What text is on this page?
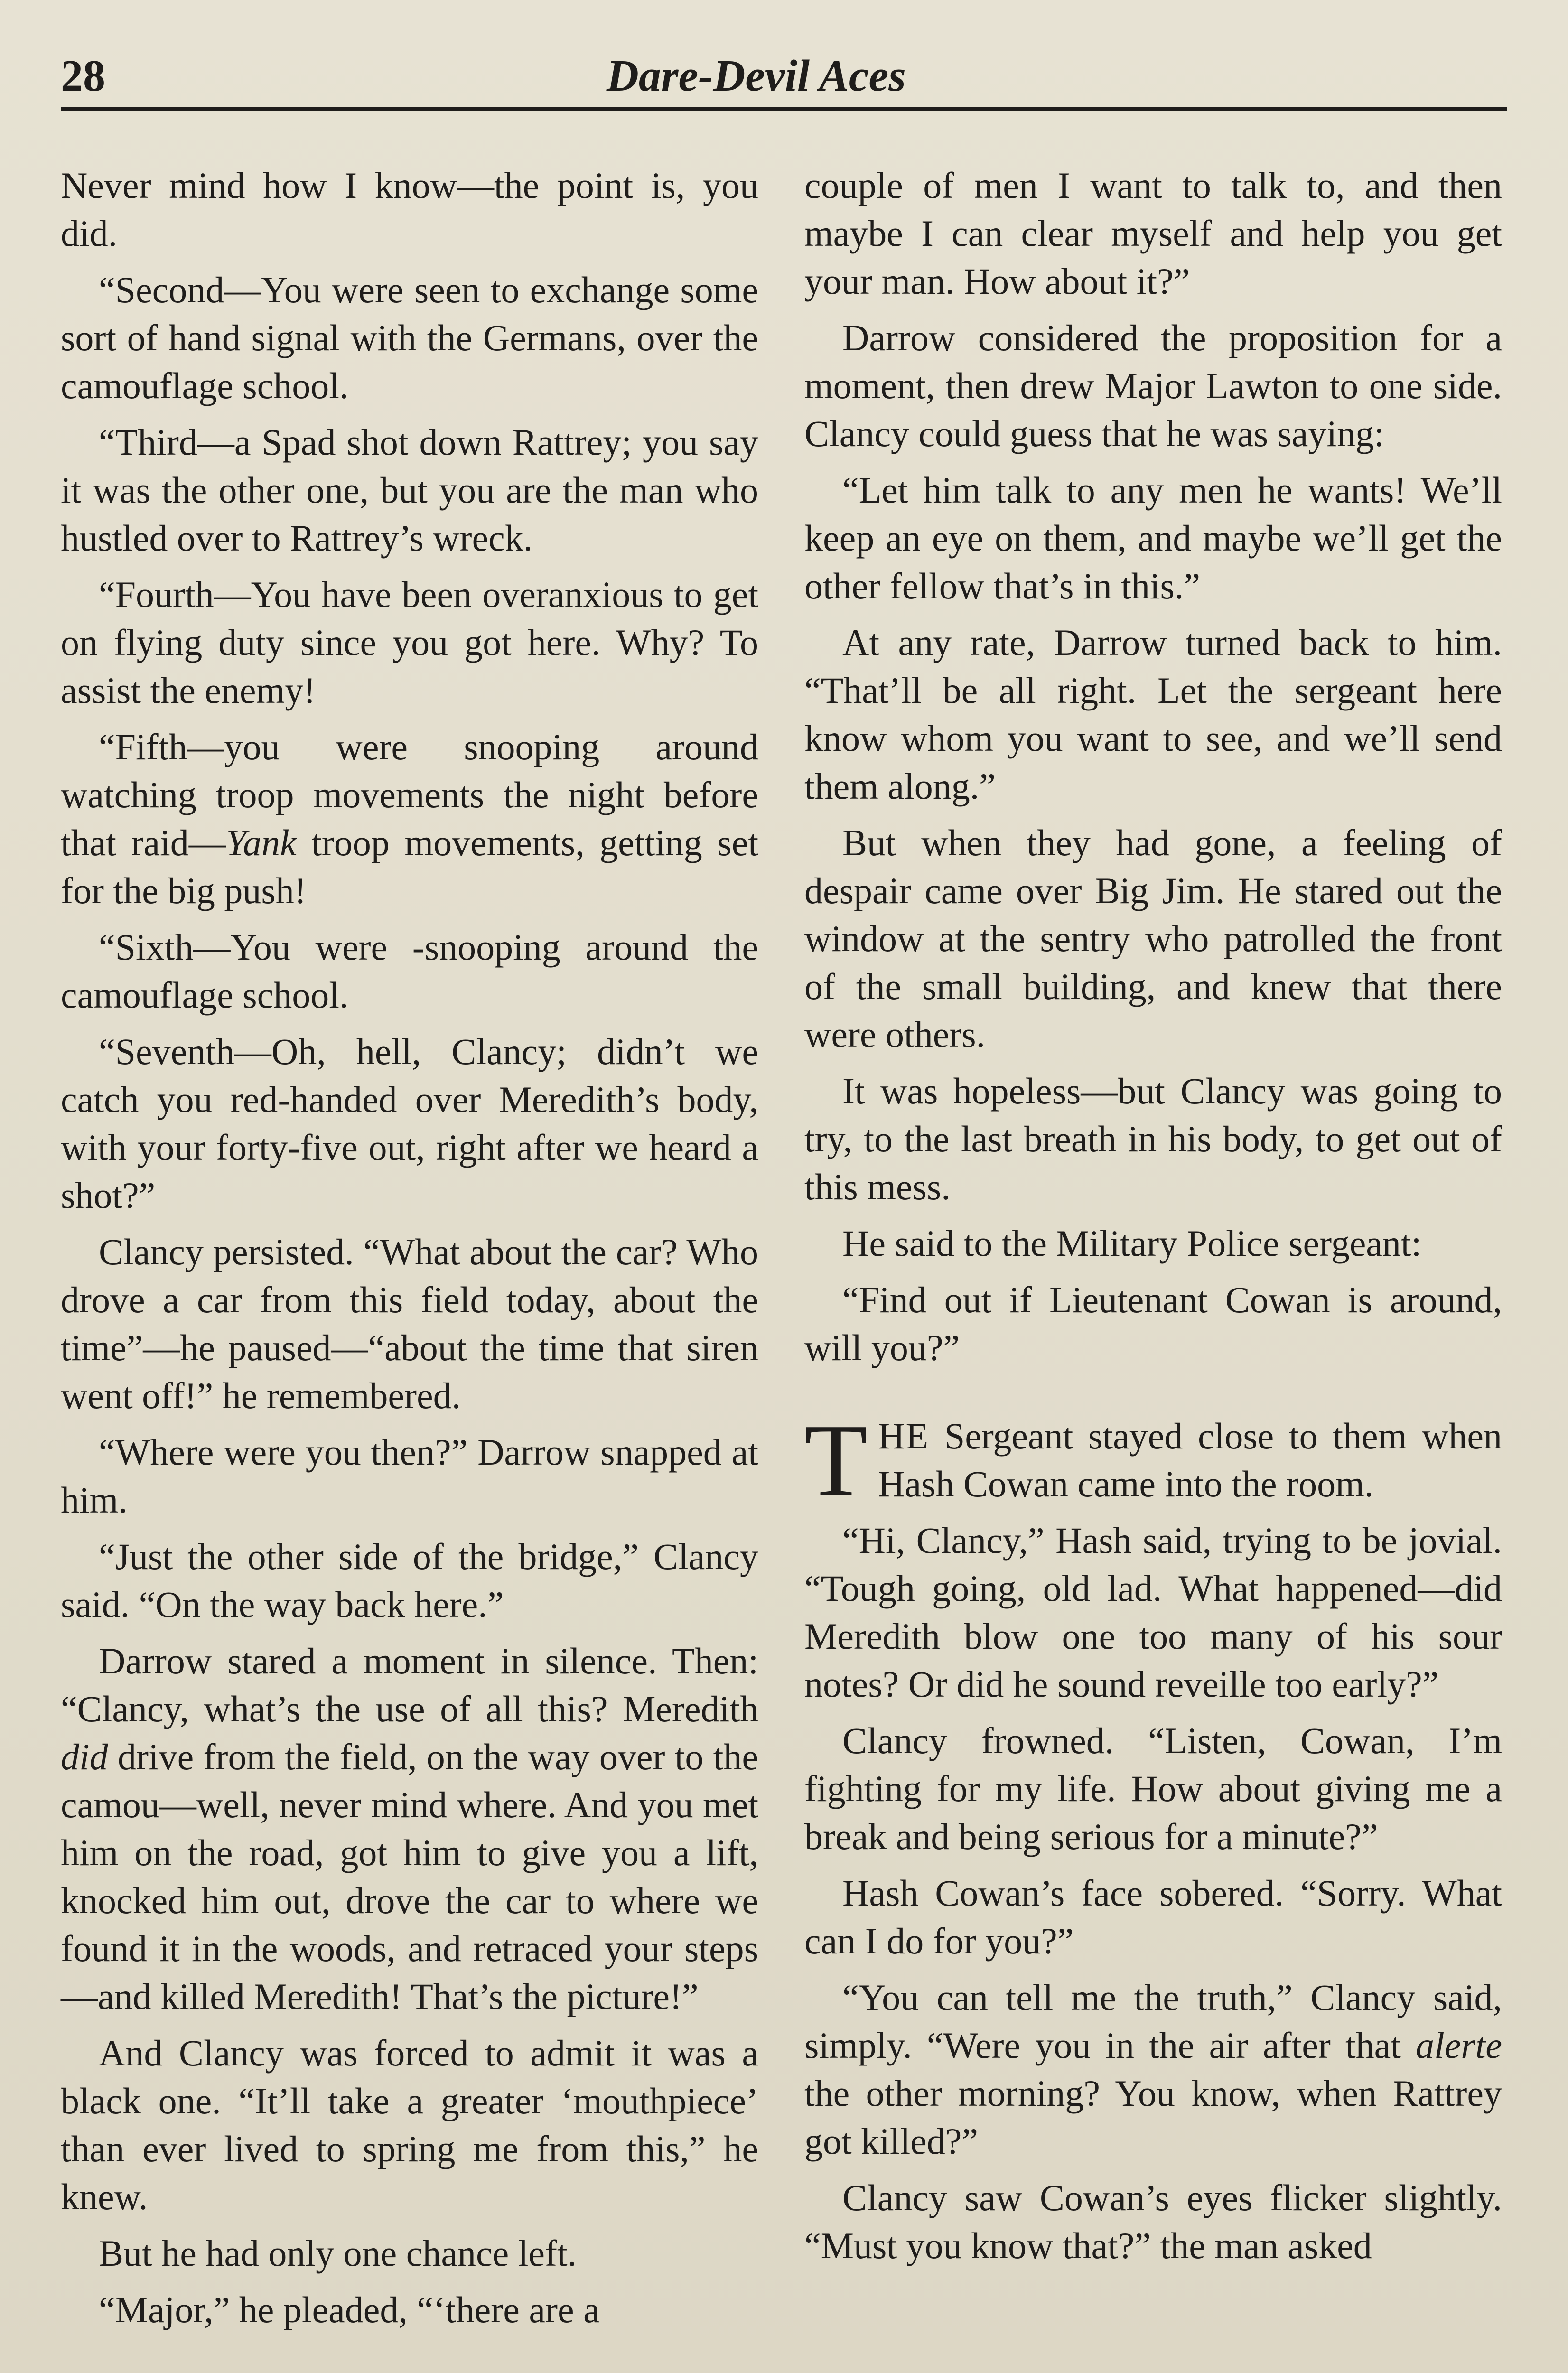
28	Dare-Devil Aces

Never mind how I know—the point is, you did.

“Second—You were seen to exchange some sort of hand signal with the Germans, over the camouflage school.

“Third—a Spad shot down Rattrey; you say it was the other one, but you are the man who hustled over to Rattrey’s wreck.

“Fourth—You have been overanxious to get on flying duty since you got here. Why? To assist the enemy!

“Fifth—you were snooping around watching troop movements the night before that raid—Yank troop movements, getting set for the big push!

“Sixth—You were -snooping around the camouflage school.

“Seventh—Oh, hell, Clancy; didn’t we catch you red-handed over Meredith’s body, with your forty-five out, right after we heard a shot?”

Clancy persisted. “What about the car? Who drove a car from this field today, about the time”—he paused—“about the time that siren went off!” he remembered.

“Where were you then?” Darrow snapped at him.

“Just the other side of the bridge,” Clancy said. “On the way back here.”

Darrow stared a moment in silence. Then: “Clancy, what’s the use of all this? Meredith did drive from the field, on the way over to the camou—well, never mind where. And you met him on the road, got him to give you a lift, knocked him out, drove the car to where we found it in the woods, and retraced your steps —and killed Meredith! That’s the picture!”

And Clancy was forced to admit it was a black one. “It’ll take a greater ‘mouthpiece’ than ever lived to spring me from this,” he knew.

But he had only one chance left.

“Major,” he pleaded, “‘there are a

couple of men I want to talk to, and then maybe I can clear myself and help you get your man. How about it?”

Darrow considered the proposition for a moment, then drew Major Lawton to one side. Clancy could guess that he was saying:

“Let him talk to any men he wants! We’ll keep an eye on them, and maybe we’ll get the other fellow that’s in this.”

At any rate, Darrow turned back to him. “That’ll be all right. Let the sergeant here know whom you want to see, and we’ll send them along.”

But when they had gone, a feeling of despair came over Big Jim. He stared out the window at the sentry who patrolled the front of the small building, and knew that there were others.

It was hopeless—but Clancy was going to try, to the last breath in his body, to get out of this mess.

He said to the Military Police sergeant:

“Find out if Lieutenant Cowan is around, will you?”

THE Sergeant stayed close to them when Hash Cowan came into the room.

“Hi, Clancy,” Hash said, trying to be jovial. “Tough going, old lad. What happened—did Meredith blow one too many of his sour notes? Or did he sound reveille too early?”

Clancy frowned. “Listen, Cowan, I’m fighting for my life. How about giving me a break and being serious for a minute?”

Hash Cowan’s face sobered. “Sorry. What can I do for you?”

“You can tell me the truth,” Clancy said, simply. “Were you in the air after that alerte the other morning? You know, when Rattrey got killed?”

Clancy saw Cowan’s eyes flicker slightly. “Must you know that?” the man asked
